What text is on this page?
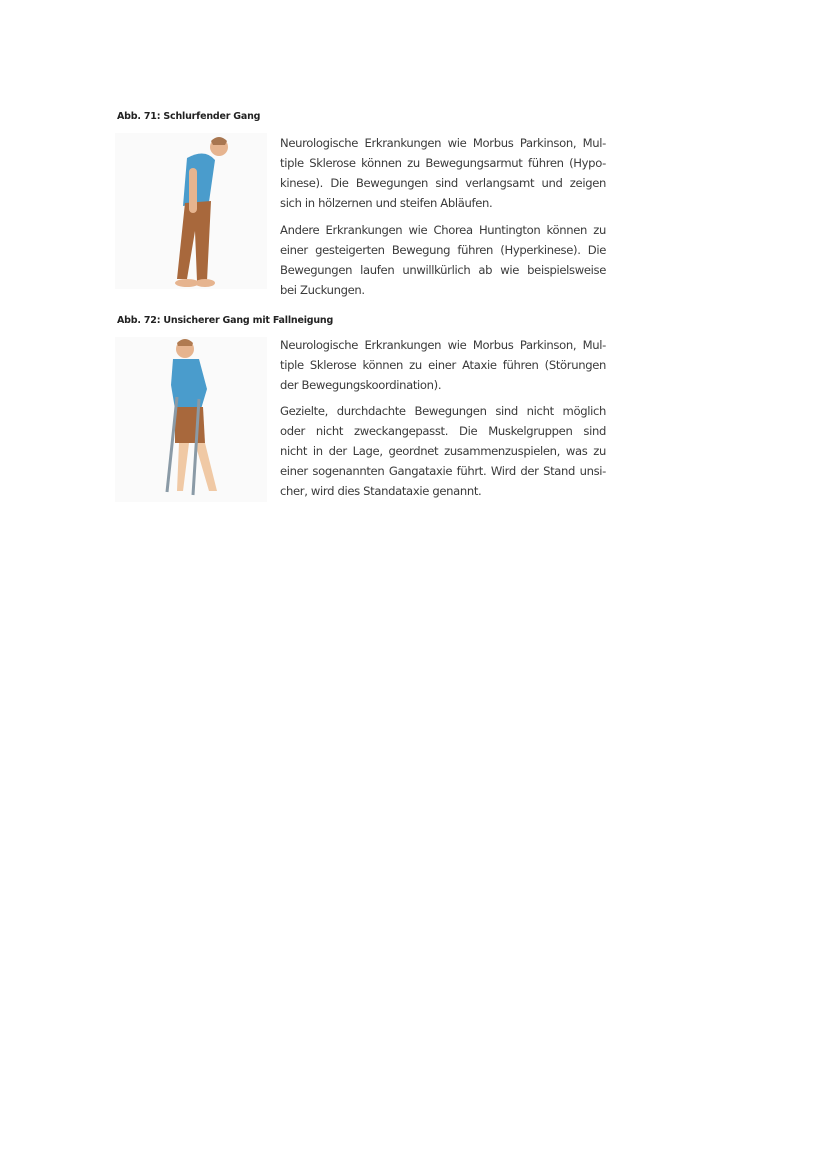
Abb. 71: Schlurfender Gang
Neurologische Erkrankungen wie Morbus Parkinson, Mul-
tiple Sklerose können zu Bewegungsarmut führen (Hypo-
kinese). Die Bewegungen sind verlangsamt und zeigen
sich in hölzernen und steifen Abläufen.
Andere Erkrankungen wie Chorea Huntington können zu
einer gesteigerten Bewegung führen (Hyperkinese). Die
Bewegungen laufen unwillkürlich ab wie beispielsweise
bei Zuckungen.
Abb. 72: Unsicherer Gang mit Fallneigung
Neurologische Erkrankungen wie Morbus Parkinson, Mul-
tiple Sklerose können zu einer Ataxie führen (Störungen
der Bewegungskoordination).
Gezielte, durchdachte Bewegungen sind nicht möglich
oder nicht zweckangepasst. Die Muskelgruppen sind
nicht in der Lage, geordnet zusammenzuspielen, was zu
einer sogenannten Gangataxie führt. Wird der Stand unsi-
cher, wird dies Standataxie genannt.
